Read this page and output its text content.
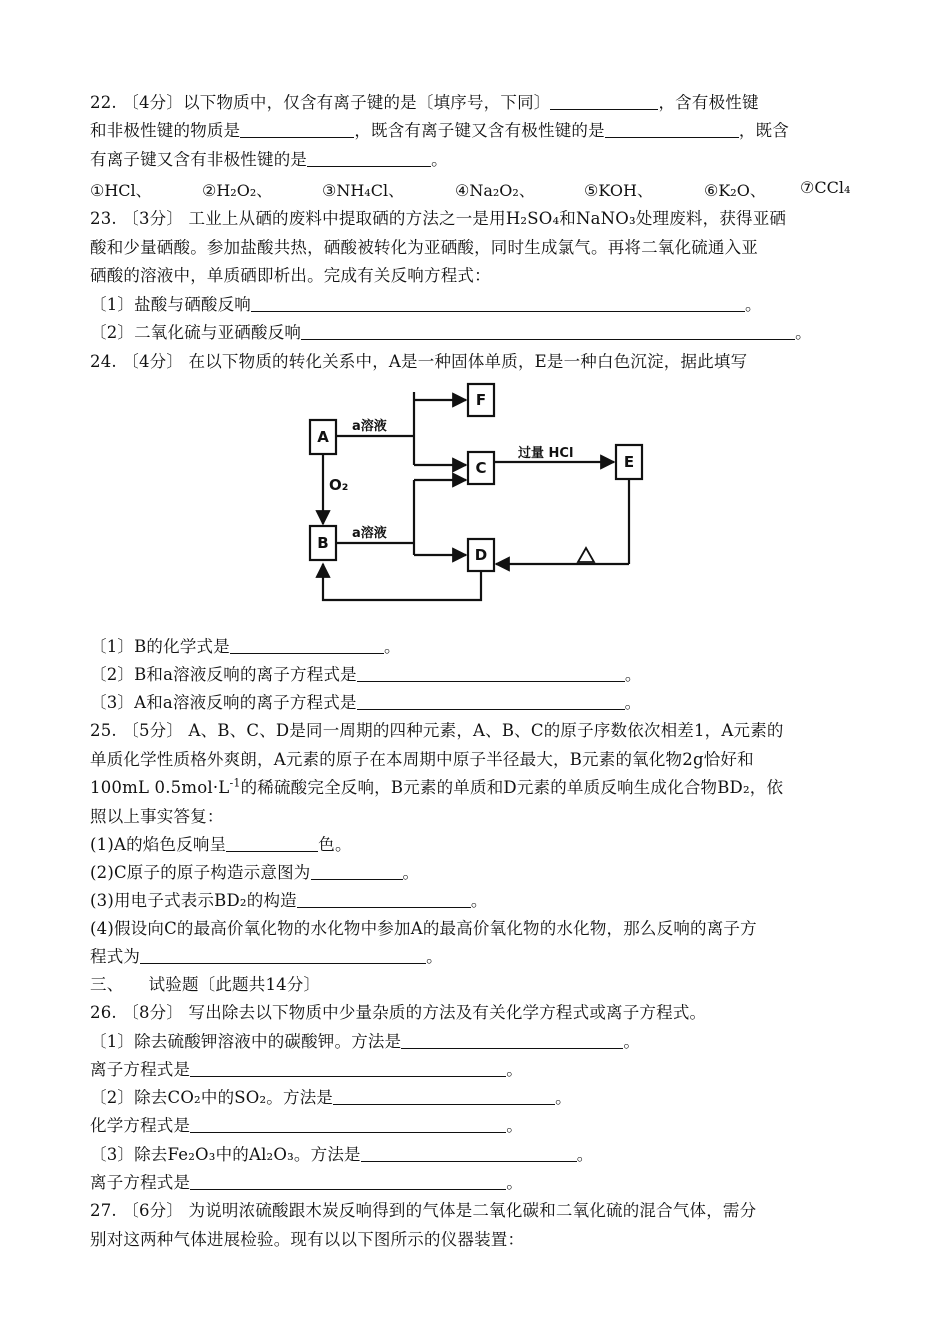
22. 〔4分〕以下物质中，仅含有离子键的是〔填序号，下同〕	，含有极性键
和非极性键的物质是	，既含有离子键又含有极性键的是	，既含
有离子键又含有非极性键的是	。
①HCl、	②H₂O₂、	③NH₄Cl、	④Na₂O₂、	⑤KOH、	⑥K₂O、 ⑦CCl₄
23. 〔3分〕 工业上从硒的废料中提取硒的方法之一是用H₂SO₄和NaNO₃处理废料，获得亚硒
酸和少量硒酸。参加盐酸共热，硒酸被转化为亚硒酸，同时生成氯气。再将二氧化硫通入亚
硒酸的溶液中，单质硒即析出。完成有关反响方程式：
〔1〕盐酸与硒酸反响	。
〔2〕二氧化硫与亚硒酸反响	。
24. 〔4分〕 在以下物质的转化关系中，A是一种固体单质，E是一种白色沉淀，据此填写
A
B
F
C
D
E
a溶液
a溶液
O₂
过量 HCl
〔1〕B的化学式是	。
〔2〕B和a溶液反响的离子方程式是	。
〔3〕A和a溶液反响的离子方程式是	。
25. 〔5分〕 A、B、C、D是同一周期的四种元素，A、B、C的原子序数依次相差1，A元素的
单质化学性质格外爽朗，A元素的原子在本周期中原子半径最大，B元素的氧化物2g恰好和
100mL $0.5mol\cdot L^{-1}$的稀硫酸完全反响，B元素的单质和D元素的单质反响生成化合物BD₂，依
照以上事实答复：
(1)A的焰色反响呈	色。
(2)C原子的原子构造示意图为	。
(3)用电子式表示BD₂的构造	。
(4)假设向C的最高价氧化物的水化物中参加A的最高价氧化物的水化物，那么反响的离子方
程式为	。
三、　　试验题〔此题共14分〕
26. 〔8分〕 写出除去以下物质中少量杂质的方法及有关化学方程式或离子方程式。
〔1〕除去硫酸钾溶液中的碳酸钾。方法是	。
离子方程式是	。
〔2〕除去CO₂中的SO₂。方法是	。
化学方程式是	。
〔3〕除去Fe₂O₃中的Al₂O₃。方法是	。
离子方程式是	。
27. 〔6分〕 为说明浓硫酸跟木炭反响得到的气体是二氧化碳和二氧化硫的混合气体，需分
别对这两种气体进展检验。现有以以下图所示的仪器装置：
